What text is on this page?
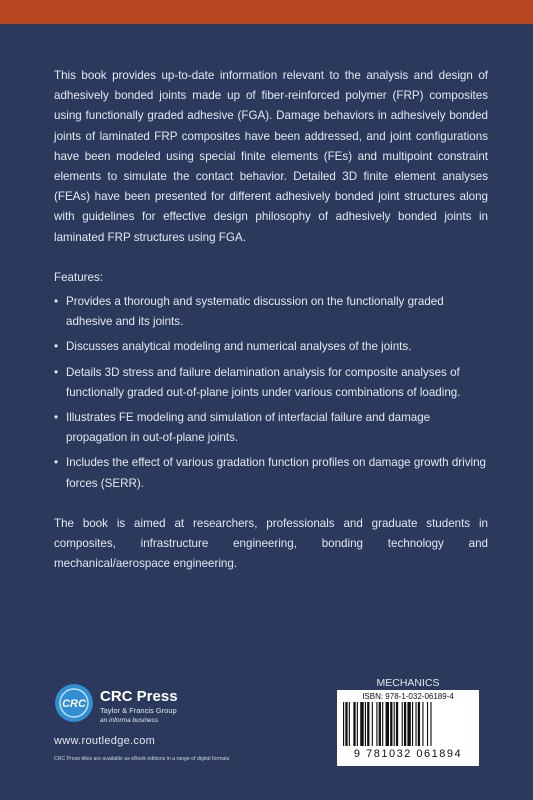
This book provides up-to-date information relevant to the analysis and design of adhesively bonded joints made up of fiber-reinforced polymer (FRP) composites using functionally graded adhesive (FGA). Damage behaviors in adhesively bonded joints of laminated FRP composites have been addressed, and joint configurations have been modeled using special finite elements (FEs) and multipoint constraint elements to simulate the contact behavior. Detailed 3D finite element analyses (FEAs) have been presented for different adhesively bonded joint structures along with guidelines for effective design philosophy of adhesively bonded joints in laminated FRP structures using FGA.

Features:

• Provides a thorough and systematic discussion on the functionally graded adhesive and its joints.
• Discusses analytical modeling and numerical analyses of the joints.
• Details 3D stress and failure delamination analysis for composite analyses of functionally graded out-of-plane joints under various combinations of loading.
• Illustrates FE modeling and simulation of interfacial failure and damage propagation in out-of-plane joints.
• Includes the effect of various gradation function profiles on damage growth driving forces (SERR).

The book is aimed at researchers, professionals and graduate students in composites, infrastructure engineering, bonding technology and mechanical/aerospace engineering.

CRC CRC Press
Taylor & Francis Group
an informa business
www.routledge.com
CRC Press titles are available as eBook editions in a range of digital formats
MECHANICS
ISBN: 978-1-032-06189-4
9 781032 061894
